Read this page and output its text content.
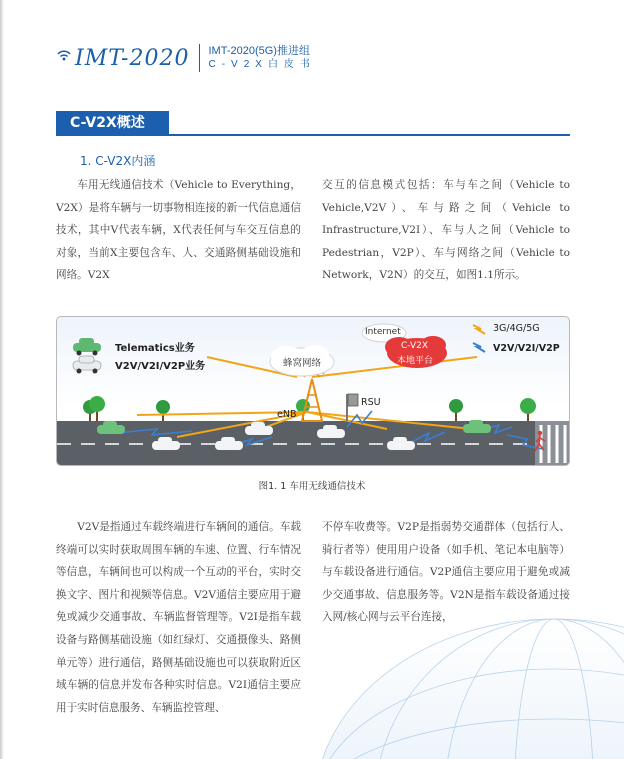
IMT-2020 IMT-2020(5G)推进组
C-V2X白皮书
C-V2X概述
1. C-V2X内涵

车用无线通信技术（Vehicle to Everything，V2X）是将车辆与一切事物相连接的新一代信息通信技术，其中V代表车辆，X代表任何与车交互信息的对象，当前X主要包含车、人、交通路侧基础设施和网络。V2X

交互的信息模式包括：车与车之间（Vehicle to Vehicle,V2V）、车与路之间（Vehicle to Infrastructure,V2I）、车与人之间（Vehicle to Pedestrian，V2P）、车与网络之间（Vehicle to Network，V2N）的交互，如图1.1所示。

Telematics业务
V2V/V2I/V2P业务
Internet
蜂窝网络
C-V2X
本地平台
3G/4G/5G
V2V/V2I/V2P
eNB
RSU
图1. 1 车用无线通信技术

V2V是指通过车载终端进行车辆间的通信。车载终端可以实时获取周围车辆的车速、位置、行车情况等信息，车辆间也可以构成一个互动的平台，实时交换文字、图片和视频等信息。V2V通信主要应用于避免或减少交通事故、车辆监督管理等。V2I是指车载设备与路侧基础设施（如红绿灯、交通摄像头、路侧单元等）进行通信，路侧基础设施也可以获取附近区域车辆的信息并发布各种实时信息。V2I通信主要应用于实时信息服务、车辆监控管理、

不停车收费等。V2P是指弱势交通群体（包括行人、骑行者等）使用用户设备（如手机、笔记本电脑等）与车载设备进行通信。V2P通信主要应用于避免或减少交通事故、信息服务等。V2N是指车载设备通过接入网/核心网与云平台连接，
